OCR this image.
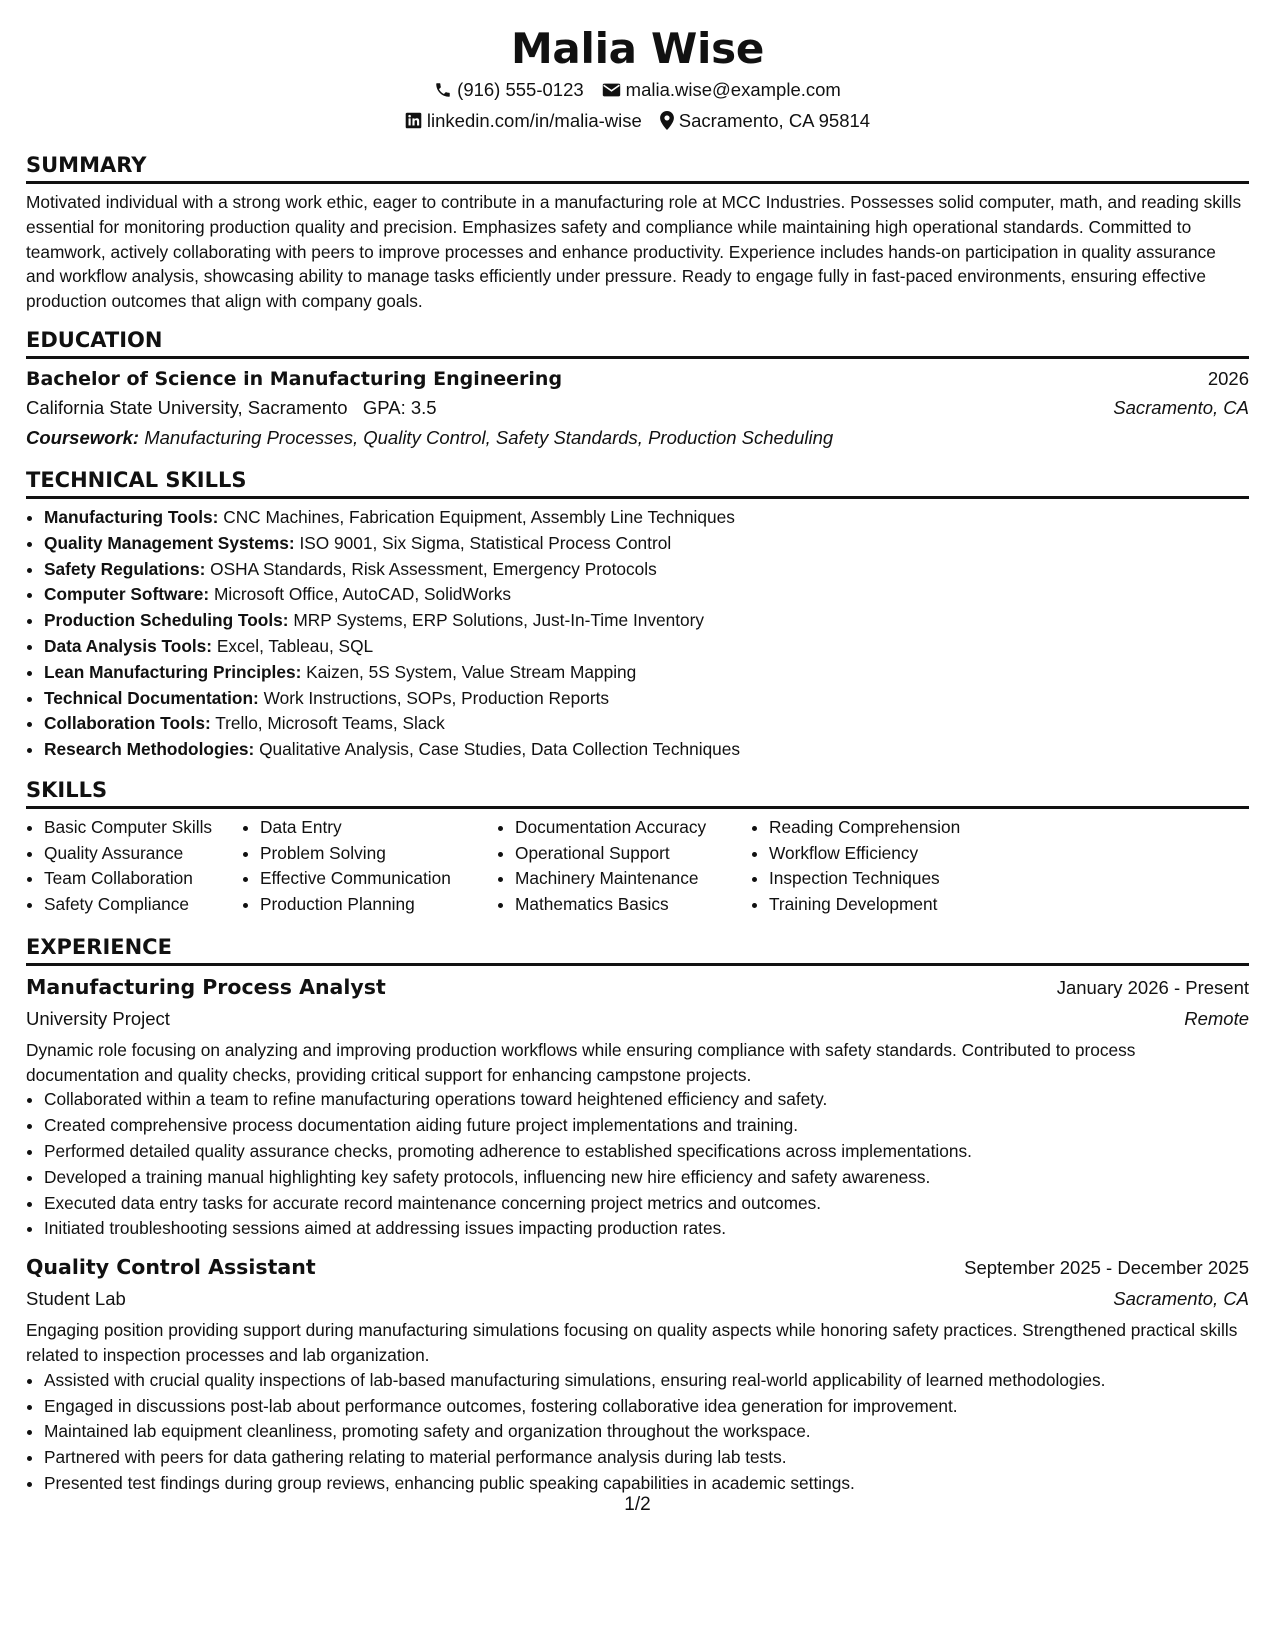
Malia Wise
(916) 555-0123 malia.wise@example.com
linkedin.com/in/malia-wise Sacramento, CA 95814
SUMMARY
Motivated individual with a strong work ethic, eager to contribute in a manufacturing role at MCC Industries. Possesses solid computer, math, and reading skills essential for monitoring production quality and precision. Emphasizes safety and compliance while maintaining high operational standards. Committed to teamwork, actively collaborating with peers to improve processes and enhance productivity. Experience includes hands-on participation in quality assurance and workflow analysis, showcasing ability to manage tasks efficiently under pressure. Ready to engage fully in fast-paced environments, ensuring effective production outcomes that align with company goals.
EDUCATION
Bachelor of Science in Manufacturing Engineering	2026
California State University, Sacramento GPA: 3.5	Sacramento, CA
Coursework: Manufacturing Processes, Quality Control, Safety Standards, Production Scheduling
TECHNICAL SKILLS
• Manufacturing Tools: CNC Machines, Fabrication Equipment, Assembly Line Techniques
• Quality Management Systems: ISO 9001, Six Sigma, Statistical Process Control
• Safety Regulations: OSHA Standards, Risk Assessment, Emergency Protocols
• Computer Software: Microsoft Office, AutoCAD, SolidWorks
• Production Scheduling Tools: MRP Systems, ERP Solutions, Just-In-Time Inventory
• Data Analysis Tools: Excel, Tableau, SQL
• Lean Manufacturing Principles: Kaizen, 5S System, Value Stream Mapping
• Technical Documentation: Work Instructions, SOPs, Production Reports
• Collaboration Tools: Trello, Microsoft Teams, Slack
• Research Methodologies: Qualitative Analysis, Case Studies, Data Collection Techniques
SKILLS
• Basic Computer Skills
• Quality Assurance
• Team Collaboration
• Safety Compliance
• Data Entry
• Problem Solving
• Effective Communication
• Production Planning
• Documentation Accuracy
• Operational Support
• Machinery Maintenance
• Mathematics Basics
• Reading Comprehension
• Workflow Efficiency
• Inspection Techniques
• Training Development
EXPERIENCE
Manufacturing Process Analyst	January 2026 - Present
University Project	Remote
Dynamic role focusing on analyzing and improving production workflows while ensuring compliance with safety standards. Contributed to process documentation and quality checks, providing critical support for enhancing campstone projects.
• Collaborated within a team to refine manufacturing operations toward heightened efficiency and safety.
• Created comprehensive process documentation aiding future project implementations and training.
• Performed detailed quality assurance checks, promoting adherence to established specifications across implementations.
• Developed a training manual highlighting key safety protocols, influencing new hire efficiency and safety awareness.
• Executed data entry tasks for accurate record maintenance concerning project metrics and outcomes.
• Initiated troubleshooting sessions aimed at addressing issues impacting production rates.
Quality Control Assistant	September 2025 - December 2025
Student Lab	Sacramento, CA
Engaging position providing support during manufacturing simulations focusing on quality aspects while honoring safety practices. Strengthened practical skills related to inspection processes and lab organization.
• Assisted with crucial quality inspections of lab-based manufacturing simulations, ensuring real-world applicability of learned methodologies.
• Engaged in discussions post-lab about performance outcomes, fostering collaborative idea generation for improvement.
• Maintained lab equipment cleanliness, promoting safety and organization throughout the workspace.
• Partnered with peers for data gathering relating to material performance analysis during lab tests.
• Presented test findings during group reviews, enhancing public speaking capabilities in academic settings.
1/2
